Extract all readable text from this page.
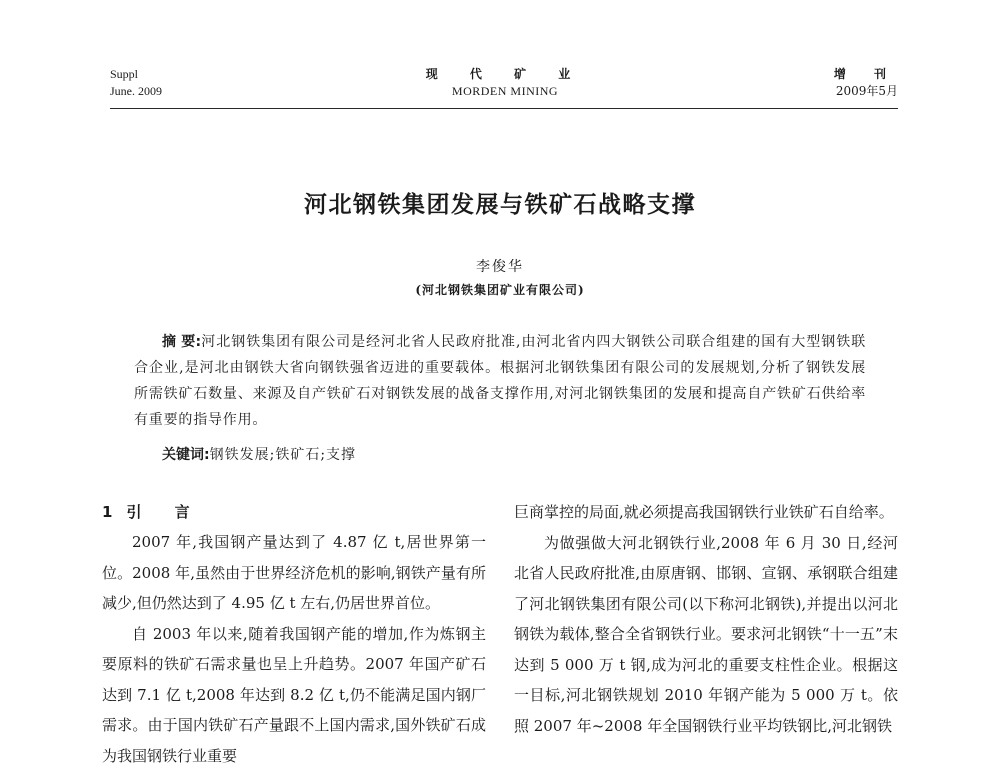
Suppl
June. 2009
现 代 矿 业
MORDEN MINING
增 刊
2009年5月
河北钢铁集团发展与铁矿石战略支撑
李俊华
(河北钢铁集团矿业有限公司)
摘 要:河北钢铁集团有限公司是经河北省人民政府批准,由河北省内四大钢铁公司联合组建的国有大型钢铁联合企业,是河北由钢铁大省向钢铁强省迈进的重要载体。根据河北钢铁集团有限公司的发展规划,分析了钢铁发展所需铁矿石数量、来源及自产铁矿石对钢铁发展的战备支撑作用,对河北钢铁集团的发展和提高自产铁矿石供给率有重要的指导作用。
关键词:钢铁发展;铁矿石;支撑
1 引 言

2007 年,我国钢产量达到了 4.87 亿 t,居世界第一位。2008 年,虽然由于世界经济危机的影响,钢铁产量有所减少,但仍然达到了 4.95 亿 t 左右,仍居世界首位。

自 2003 年以来,随着我国钢产能的增加,作为炼钢主要原料的铁矿石需求量也呈上升趋势。2007 年国产矿石达到 7.1 亿 t,2008 年达到 8.2 亿 t,仍不能满足国内钢厂需求。由于国内铁矿石产量跟不上国内需求,国外铁矿石成为我国钢铁行业重要

巨商掌控的局面,就必须提高我国钢铁行业铁矿石自给率。

为做强做大河北钢铁行业,2008 年 6 月 30 日,经河北省人民政府批准,由原唐钢、邯钢、宣钢、承钢联合组建了河北钢铁集团有限公司(以下称河北钢铁),并提出以河北钢铁为载体,整合全省钢铁行业。要求河北钢铁“十一五”末达到 5 000 万 t 钢,成为河北的重要支柱性企业。根据这一目标,河北钢铁规划 2010 年钢产能为 5 000 万 t。依照 2007 年~2008 年全国钢铁行业平均铁钢比,河北钢铁
